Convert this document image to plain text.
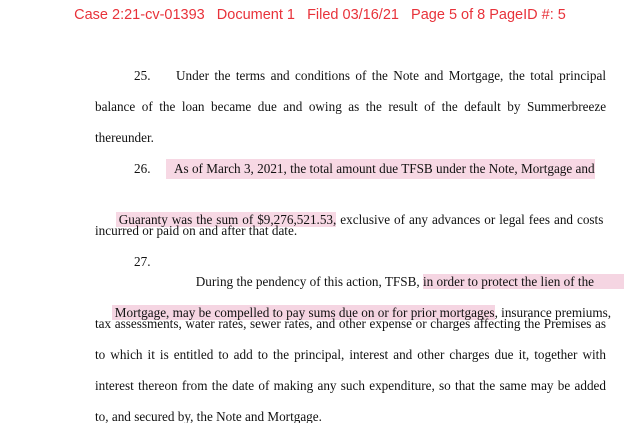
Case 2:21-cv-01393   Document 1   Filed 03/16/21   Page 5 of 8 PageID #: 5
25. Under the terms and conditions of the Note and Mortgage, the total principal
balance of the loan became due and owing as the result of the default by Summerbreeze
thereunder.
26.	As of March 3, 2021, the total amount due TFSB under the Note, Mortgage and

Guaranty was the sum of $9,276,521.53, exclusive of any advances or legal fees and costs

incurred or paid on and after that date.
27.

During the pendency of this action, TFSB, in order to protect the lien of the

Mortgage, may be compelled to pay sums due on or for prior mortgages, insurance premiums,

tax assessments, water rates, sewer rates, and other expense or charges affecting the Premises as
to which it is entitled to add to the principal, interest and other charges due it, together with
interest thereon from the date of making any such expenditure, so that the same may be added
to, and secured by, the Note and Mortgage.
